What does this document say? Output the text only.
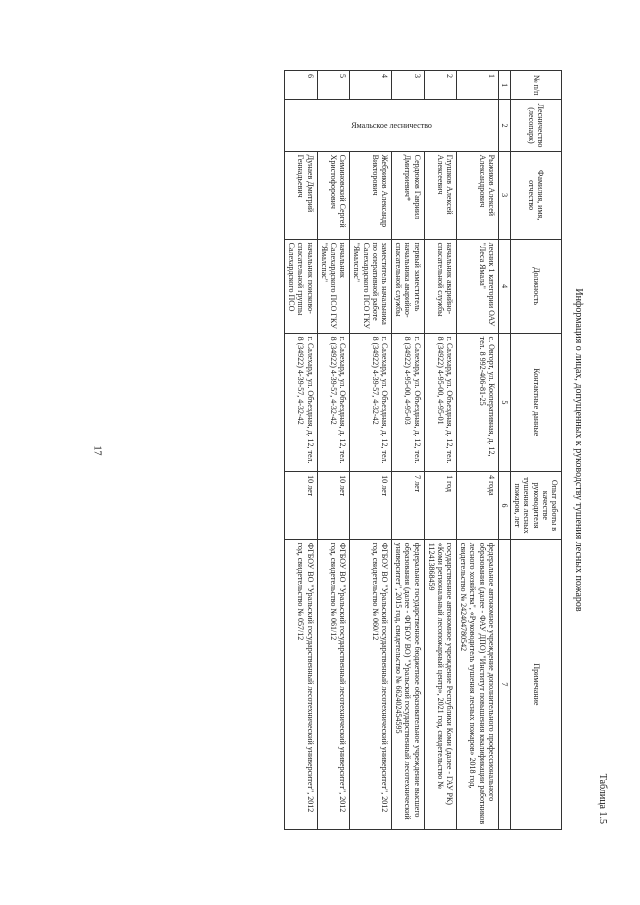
17
Таблица 1.5
Информация о лицах, допущенных к руководству тушения лесных пожаров
№ п/п	Лесничество (лесопарк)	Фамилия, имя, отчество	Должность	Контактные данные	Опыт работы в качестве руководителя тушения лесных пожаров, лет	Примечание
1	2	3	4	5	6	7
1	Ямальское лесничество	Рыжиков Алексей Александрович	лесник 1 категории ОАУ "Леса Ямала"	с. Овгорт, ул. Кооперативная, д. 12, тел. 8 992-406-81-25	4 года	федеральное автономное учреждение дополнительного профессионального образования (далее - ФАУ ДПО) "Институт повышения квалификации работников лесного хозяйства", «Руководитель тушения лесных пожаров» 2018 год, свидетельство № 242404780542
2		Глушков Алексей Алексеевич	начальник аварийно-спасательной службы	г. Салехард, ул. Объездная, д. 12, тел. 8 (34922) 4-95-00, 4-95-01	1 год	государственное автономное учреждение Республики Коми (далее - ГАУ РК) «Коми региональный лесопожарный центр», 2021 год, свидетельство № 112413868459
3		Сердюков Гавриил Дмитриевич*	первый заместитель начальника аварийно-спасательной службы	г. Салехард, ул. Объездная, д. 12, тел. 8 (34922) 4-95-00, 4-95-03	7 лет	федеральное государственное бюджетное образовательное учреждение высшего образования (далее - ФГБОУ ВО) "Уральский государственный лесотехнический университет", 2015 год, свидетельство № 662402454595
4		Жебриков Александр Викторович	заместитель начальника по оперативной работе Салехардского ПСО ГКУ "Ямалспас"	г. Салехард, ул. Объездная, д. 12, тел. 8 (34922) 4-39-57, 4-32-42	10 лет	ФГБОУ ВО "Уральский государственный лесотехнический университет", 2012 год, свидетельство № 060/12
5		Симиновский Сергей Христофорович	начальник Салехардского ПСО ГКУ "Ямалспас"	г. Салехард, ул. Объездная, д. 12, тел. 8 (34922) 4-39-57, 4-32-42	10 лет	ФГБОУ ВО "Уральский государственный лесотехнический университет", 2012 год, свидетельство № 061/12
6		Дунаев Дмитрий Геннадьевич	начальник поисково-спасательной группы Салехардского ПСО	г. Салехард, ул. Объездная, д. 12, тел. 8 (34922) 4-39-57, 4-32-42	10 лет	ФГБОУ ВО "Уральский государственный лесотехнический университет", 2012 год, свидетельство № 057/12
